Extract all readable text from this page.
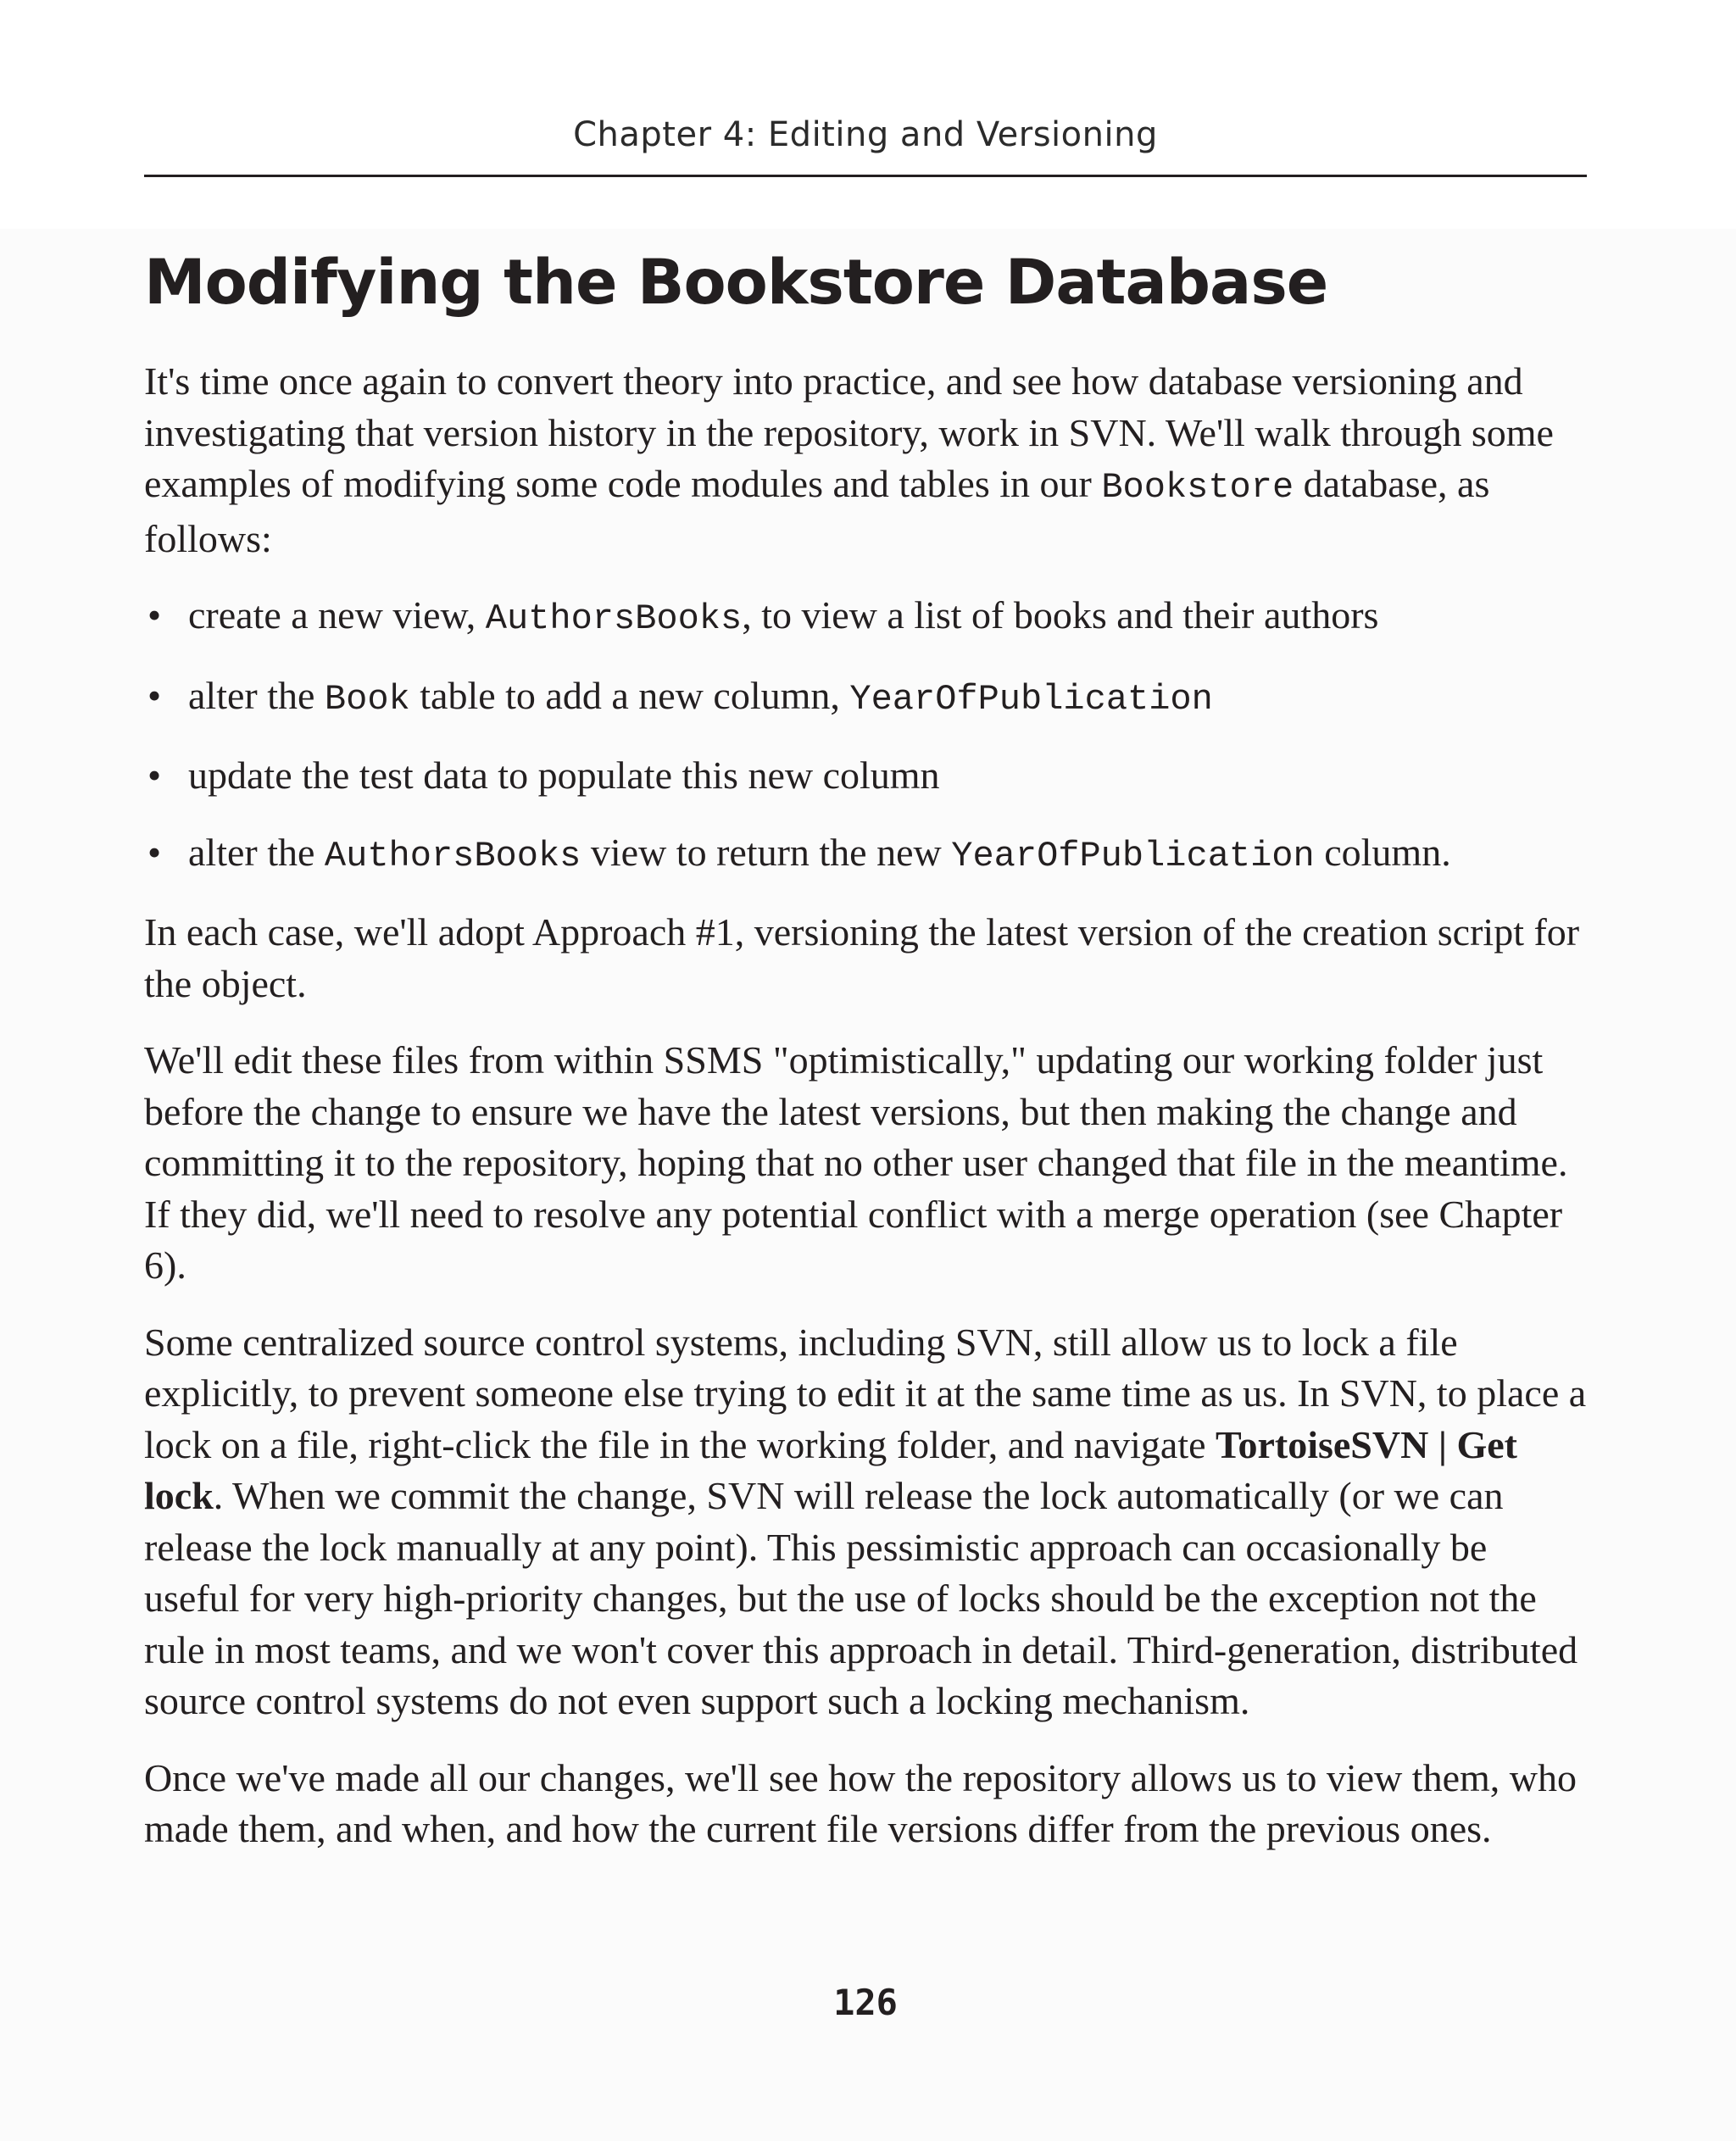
Chapter 4: Editing and Versioning
Modifying the Bookstore Database

It's time once again to convert theory into practice, and see how database versioning and investigating that version history in the repository, work in SVN. We'll walk through some examples of modifying some code modules and tables in our Bookstore database, as follows:

• create a new view, AuthorsBooks, to view a list of books and their authors
• alter the Book table to add a new column, YearOfPublication
• update the test data to populate this new column
• alter the AuthorsBooks view to return the new YearOfPublication column.

In each case, we'll adopt Approach #1, versioning the latest version of the creation script for the object.

We'll edit these files from within SSMS "optimistically," updating our working folder just before the change to ensure we have the latest versions, but then making the change and committing it to the repository, hoping that no other user changed that file in the meantime. If they did, we'll need to resolve any potential conflict with a merge operation (see Chapter 6).

Some centralized source control systems, including SVN, still allow us to lock a file explicitly, to prevent someone else trying to edit it at the same time as us. In SVN, to place a lock on a file, right-click the file in the working folder, and navigate TortoiseSVN | Get lock. When we commit the change, SVN will release the lock automatically (or we can release the lock manually at any point). This pessimistic approach can occasionally be useful for very high-priority changes, but the use of locks should be the exception not the rule in most teams, and we won't cover this approach in detail. Third-generation, distributed source control systems do not even support such a locking mechanism.

Once we've made all our changes, we'll see how the repository allows us to view them, who made them, and when, and how the current file versions differ from the previous ones.

126
